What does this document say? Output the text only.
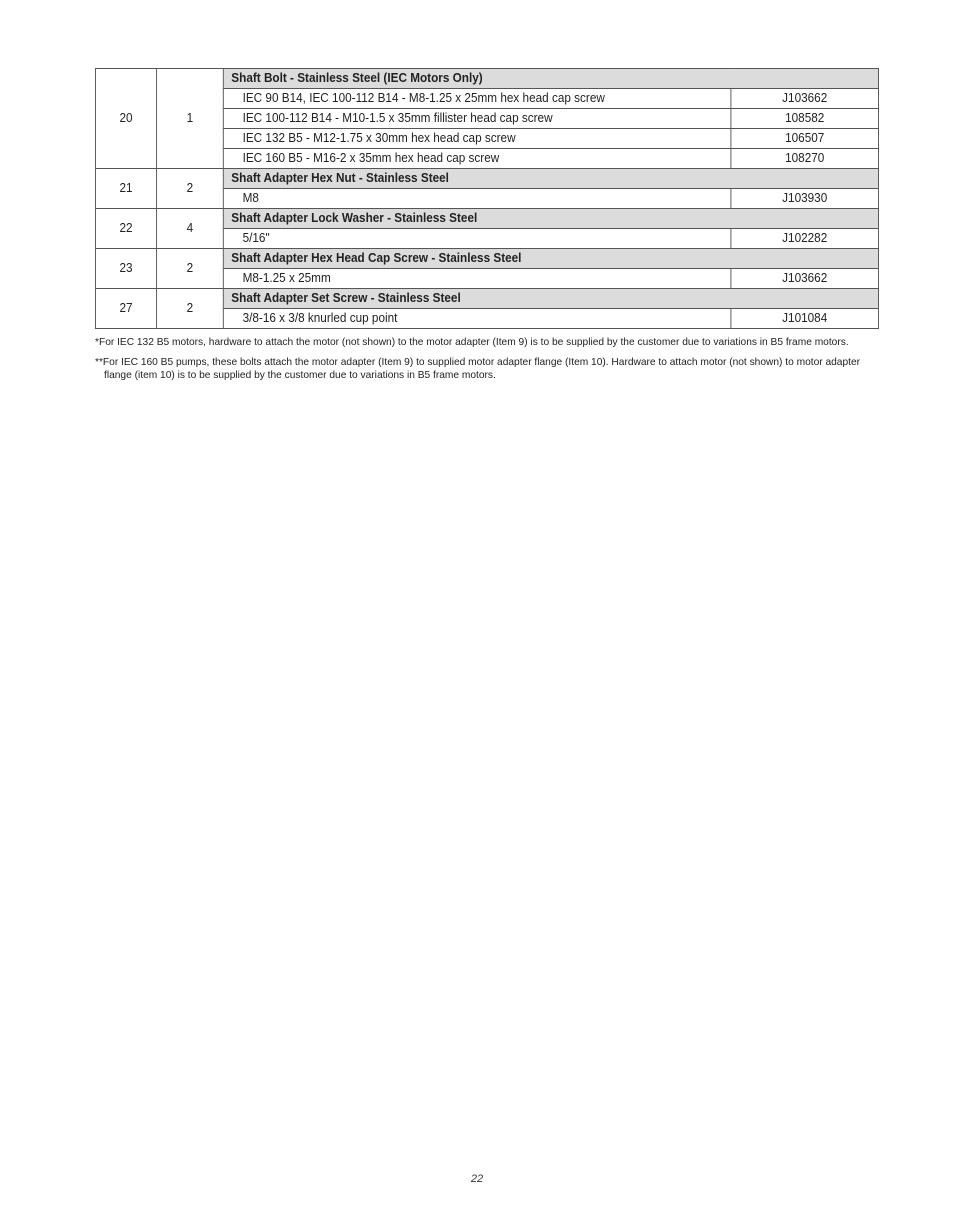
20	1	Shaft Bolt - Stainless Steel (IEC Motors Only)	
		IEC 90 B14, IEC 100-112 B14 - M8-1.25 x 25mm hex head cap screw	J103662
		IEC 100-112 B14 - M10-1.5 x 35mm fillister head cap screw	108582
		IEC 132 B5 - M12-1.75 x 30mm hex head cap screw	106507
		IEC 160 B5 - M16-2 x 35mm hex head cap screw	108270
21	2	Shaft Adapter Hex Nut - Stainless Steel	
		M8	J103930
22	4	Shaft Adapter Lock Washer - Stainless Steel	
		5/16"	J102282
23	2	Shaft Adapter Hex Head Cap Screw - Stainless Steel	
		M8-1.25 x 25mm	J103662
27	2	Shaft Adapter Set Screw - Stainless Steel	
		3/8-16 x 3/8 knurled cup point	J101084
*For IEC 132 B5 motors, hardware to attach the motor (not shown) to the motor adapter (Item 9) is to be supplied by the customer due to variations in B5 frame motors.
**For IEC 160 B5 pumps, these bolts attach the motor adapter (Item 9) to supplied motor adapter flange (Item 10). Hardware to attach motor (not shown) to motor adapter
flange (item 10) is to be supplied by the customer due to variations in B5 frame motors.
22
